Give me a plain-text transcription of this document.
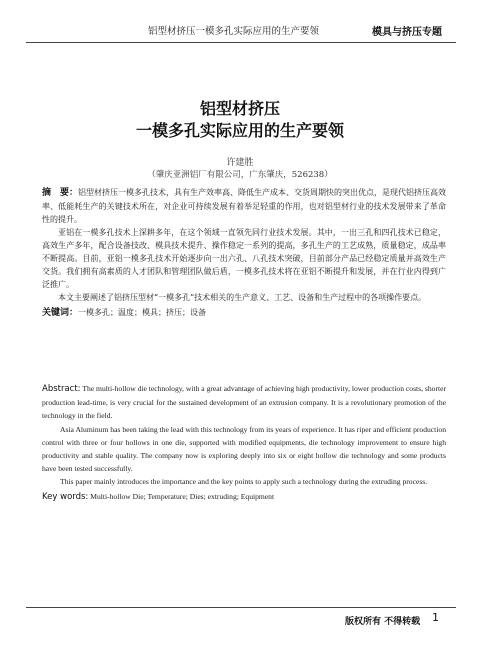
铝型材挤压一模多孔实际应用的生产要领	模具与挤压专题
铝型材挤压
一模多孔实际应用的生产要领
许建胜
（肇庆亚洲铝厂有限公司，广东肇庆，526238）

摘　要：铝型材挤压一模多孔技术，具有生产效率高、降低生产成本、交货周期快的突出优点，是现代铝挤压高效率、低能耗生产的关键技术所在，对企业可持续发展有着举足轻重的作用，也对铝型材行业的技术发展带来了革命性的提升。

亚铝在一模多孔技术上深耕多年，在这个领域一直领先同行业技术发展。其中，一出三孔和四孔技术已稳定，高效生产多年，配合设备技改、模具技术提升、操作稳定一系列的提高，多孔生产的工艺成熟，质量稳定，成品率不断提高。目前，亚铝一模多孔技术开始逐步向一出六孔、八孔技术突破，目前部分产品已经稳定质量并高效生产交货。我们拥有高素质的人才团队和管理团队做后盾，一模多孔技术将在亚铝不断提升和发展，并在行业内得到广泛推广。

本文主要阐述了铝挤压型材“一模多孔”技术相关的生产意义、工艺、设备和生产过程中的各项操作要点。

关键词：一模多孔；温度；模具；挤压；设备

Abstract: The multi-hollow die technology, with a great advantage of achieving high productivity, lower production costs, shorter production lead-time, is very crucial for the sustained development of an extrusion company. It is a revolutionary promotion of the technology in the field.

Asia Aluminum has been taking the lead with this technology from its years of experience. It has riper and efficient production control with three or four hollows in one die, supported with modified equipments, die technology improvement to ensure high productivity and stable quality. The company now is exploring deeply into six or eight hollow die technology and some products have been tested successfully.

This paper mainly introduces the importance and the key points to apply such a technology during the extruding process.

Key words: Multi-hollow Die; Temperature; Dies; extruding; Equipment
版权所有 不得转载 1
